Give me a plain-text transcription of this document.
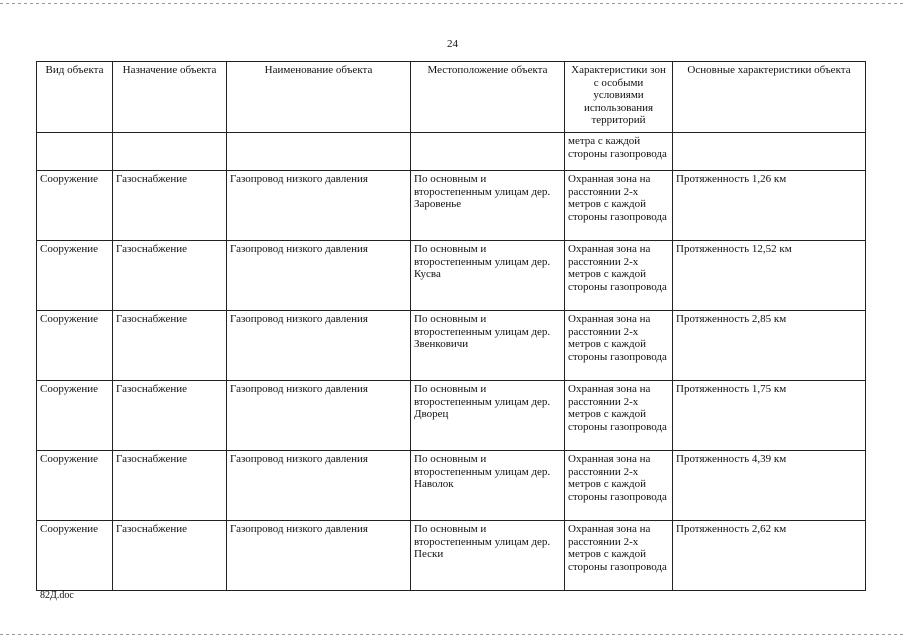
24
Вид объекта	Назначение объекта	Наименование объекта	Местоположение объекта	Характеристики зон с особыми условиями использования территорий	Основные характеристики объекта
				метра с каждой стороны газопровода	
Сооружение	Газоснабжение	Газопровод низкого давления	По основным и второстепенным улицам дер. Заровенье	Охранная зона на расстоянии 2-х метров с каждой стороны газопровода	Протяженность 1,26 км
Сооружение	Газоснабжение	Газопровод низкого давления	По основным и второстепенным улицам дер. Кусва	Охранная зона на расстоянии 2-х метров с каждой стороны газопровода	Протяженность 12,52 км
Сооружение	Газоснабжение	Газопровод низкого давления	По основным и второстепенным улицам дер. Звенковичи	Охранная зона на расстоянии 2-х метров с каждой стороны газопровода	Протяженность 2,85 км
Сооружение	Газоснабжение	Газопровод низкого давления	По основным и второстепенным улицам дер. Дворец	Охранная зона на расстоянии 2-х метров с каждой стороны газопровода	Протяженность 1,75 км
Сооружение	Газоснабжение	Газопровод низкого давления	По основным и второстепенным улицам дер. Наволок	Охранная зона на расстоянии 2-х метров с каждой стороны газопровода	Протяженность 4,39 км
Сооружение	Газоснабжение	Газопровод низкого давления	По основным и второстепенным улицам дер. Пески	Охранная зона на расстоянии 2-х метров с каждой стороны газопровода	Протяженность 2,62 км
82Д.doc
